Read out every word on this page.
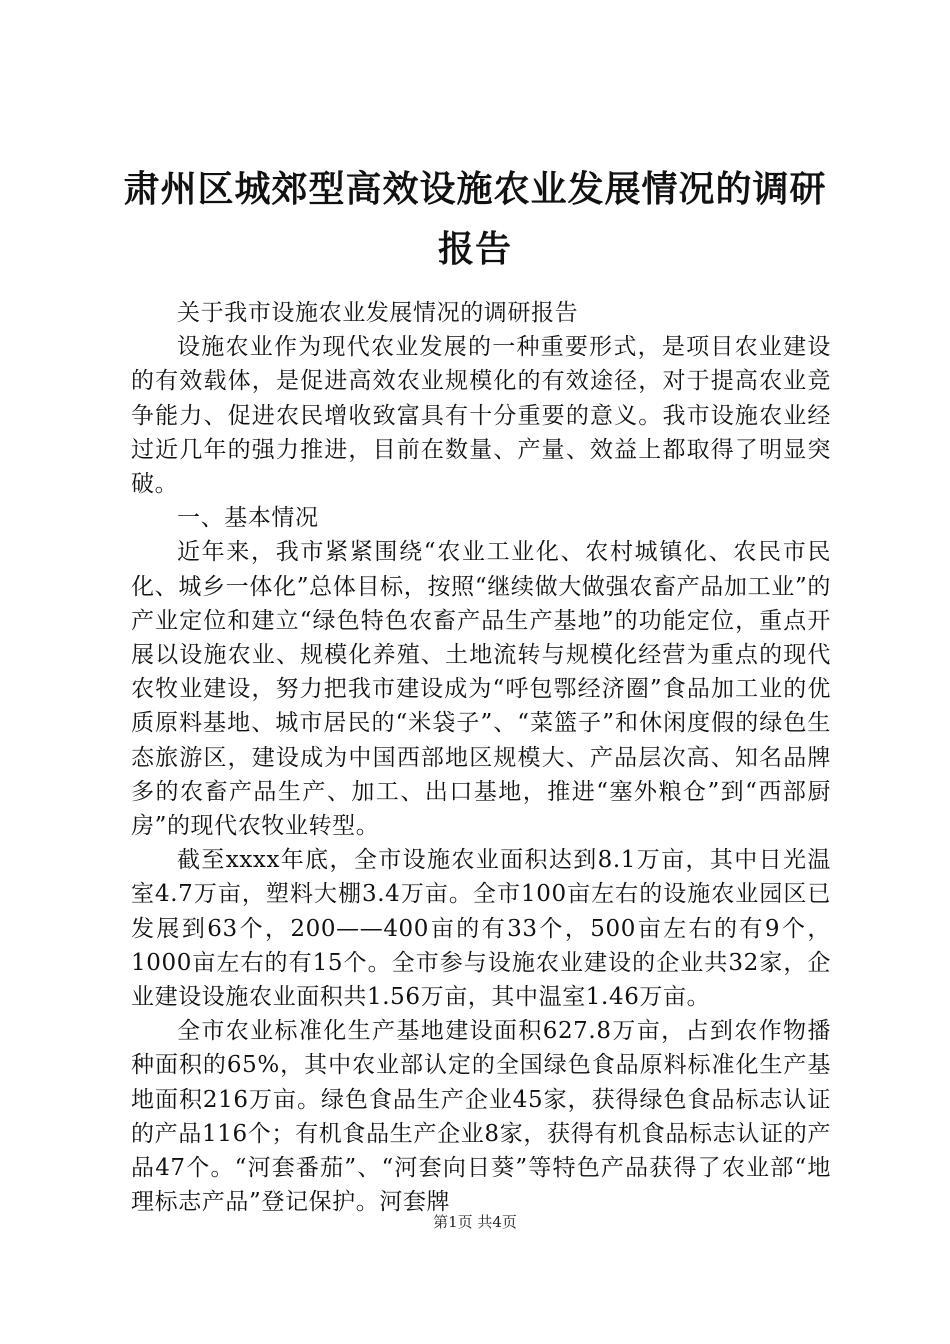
肃州区城郊型高效设施农业发展情况的调研报告

关于我市设施农业发展情况的调研报告

设施农业作为现代农业发展的一种重要形式，是项目农业建设的有效载体，是促进高效农业规模化的有效途径，对于提高农业竞争能力、促进农民增收致富具有十分重要的意义。我市设施农业经过近几年的强力推进，目前在数量、产量、效益上都取得了明显突破。

一、基本情况

近年来，我市紧紧围绕“农业工业化、农村城镇化、农民市民化、城乡一体化”总体目标，按照“继续做大做强农畜产品加工业”的产业定位和建立“绿色特色农畜产品生产基地”的功能定位，重点开展以设施农业、规模化养殖、土地流转与规模化经营为重点的现代农牧业建设，努力把我市建设成为“呼包鄂经济圈”食品加工业的优质原料基地、城市居民的“米袋子”、“菜篮子”和休闲度假的绿色生态旅游区，建设成为中国西部地区规模大、产品层次高、知名品牌多的农畜产品生产、加工、出口基地，推进“塞外粮仓”到“西部厨房”的现代农牧业转型。

截至xxxx年底，全市设施农业面积达到8.1万亩，其中日光温室4.7万亩，塑料大棚3.4万亩。全市100亩左右的设施农业园区已发展到63个，200——400亩的有33个，500亩左右的有9个，1000亩左右的有15个。全市参与设施农业建设的企业共32家，企业建设设施农业面积共1.56万亩，其中温室1.46万亩。

全市农业标准化生产基地建设面积627.8万亩，占到农作物播种面积的65%，其中农业部认定的全国绿色食品原料标准化生产基地面积216万亩。绿色食品生产企业45家，获得绿色食品标志认证的产品116个；有机食品生产企业8家，获得有机食品标志认证的产品47个。“河套番茄”、“河套向日葵”等特色产品获得了农业部“地理标志产品”登记保护。河套牌

第1页 共4页
